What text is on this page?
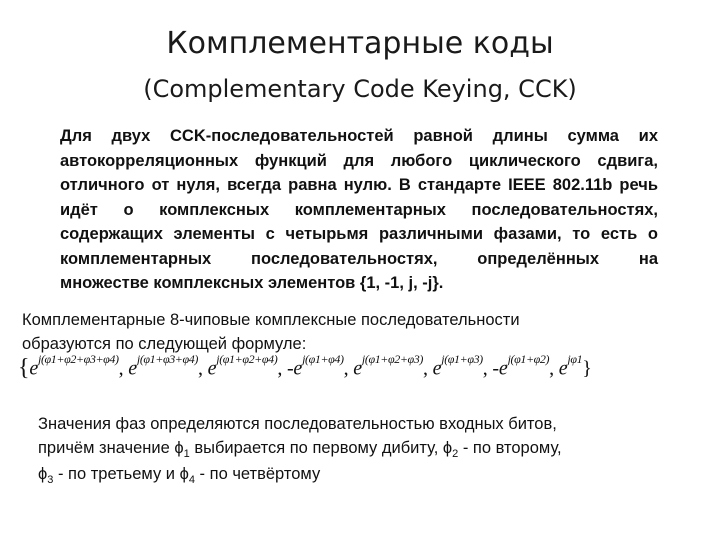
Комплементарные коды
(Complementary Code Keying, CCK)
Для двух CCK-последовательностей равной длины сумма их
автокорреляционных функций для любого циклического сдвига,
отличного от нуля, всегда равна нулю. В стандарте IEEE 802.11b речь
идёт о комплексных комплементарных последовательностях,
содержащих элементы с четырьмя различными фазами, то есть о
комплементарных последовательностях, определённых на
множестве комплексных элементов {1, -1, j, -j}.
Комплементарные 8-чиповые комплексные последовательности
образуются по следующей формуле:
{$e^{j(\varphi 1+\varphi 2+\varphi 3+\varphi 4)}$, $e^{j(\varphi 1+\varphi 3+\varphi 4)}$, $e^{j(\varphi 1+\varphi 2+\varphi 4)}$, $-e^{j(\varphi 1+\varphi 4)}$, $e^{j(\varphi 1+\varphi 2+\varphi 3)}$, $e^{j(\varphi 1+\varphi 3)}$, $-e^{j(\varphi 1+\varphi 2)}$, $e^{j\varphi 1}$}
Значения фаз определяются последовательностью входных битов,
причём значение $\phi_1$ выбирается по первому дибиту, $\phi_2$ - по второму,
$\phi_3$ - по третьему и $\phi_4$ - по четвёртому
